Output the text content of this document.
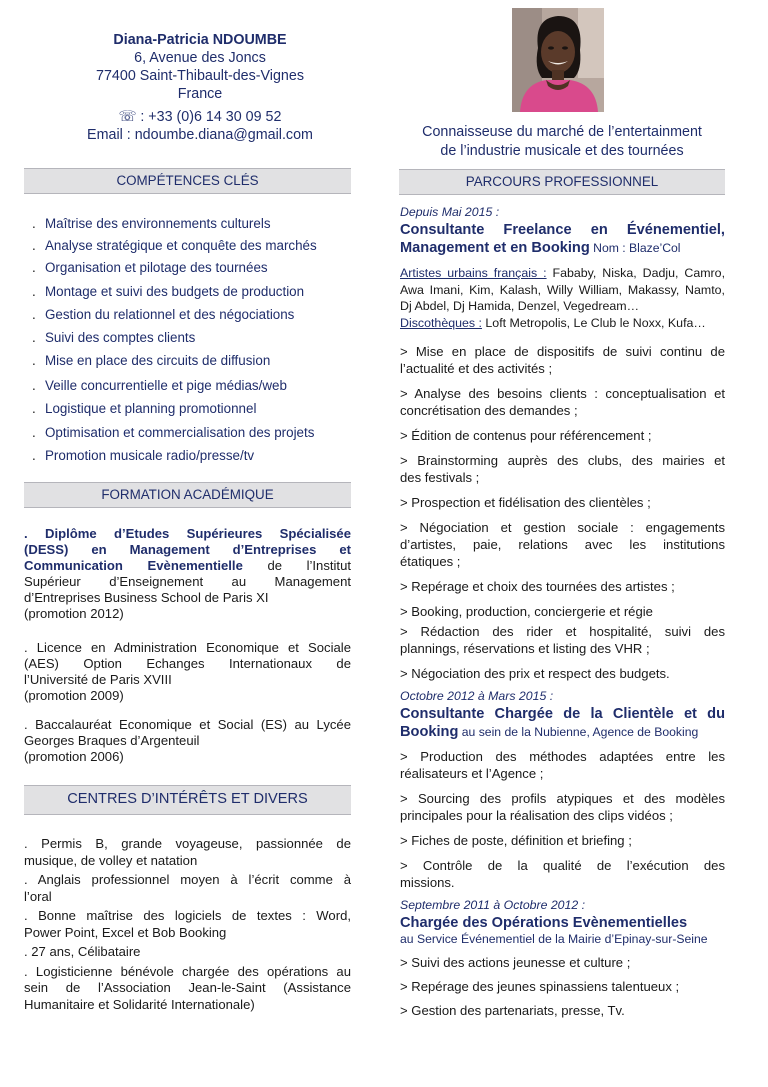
Diana-Patricia NDOUMBE
6, Avenue des Joncs
77400 Saint-Thibault-des-Vignes
France
☏ : +33 (0)6 14 30 09 52
Email : ndoumbe.diana@gmail.com	Connaisseuse du marché de l’entertainment
de l’industrie musicale et des tournées
COMPÉTENCES CLÉS
. Maîtrise des environnements culturels
. Analyse stratégique et conquête des marchés
. Organisation et pilotage des tournées
. Montage et suivi des budgets de production
. Gestion du relationnel et des négociations
. Suivi des comptes clients
. Mise en place des circuits de diffusion
. Veille concurrentielle et pige médias/web
. Logistique et planning promotionnel
. Optimisation et commercialisation des projets
. Promotion musicale radio/presse/tv
FORMATION ACADÉMIQUE
. Diplôme d’Etudes Supérieures Spécialisée
(DESS) en Management d’Entreprises et
Communication Evènementielle de l’Institut
Supérieur d’Enseignement au Management
d’Entreprises Business School de Paris XI
(promotion 2012)
. Licence en Administration Economique et Sociale
(AES) Option Echanges Internationaux de
l’Université de Paris XVIII
(promotion 2009)
. Baccalauréat Economique et Social (ES) au Lycée
Georges Braques d’Argenteuil
(promotion 2006)
CENTRES D’INTÉRÊTS ET DIVERS
. Permis B, grande voyageuse, passionnée de
musique, de volley et natation
. Anglais professionnel moyen à l’écrit comme à
l’oral
. Bonne maîtrise des logiciels de textes : Word,
Power Point, Excel et Bob Booking
. 27 ans, Célibataire
. Logisticienne bénévole chargée des opérations au
sein de l’Association Jean-le-Saint (Assistance
Humanitaire et Solidarité Internationale)
PARCOURS PROFESSIONNEL
Depuis Mai 2015 :
Consultante Freelance en Événementiel,
Management et en Booking Nom : Blaze’Col
Artistes urbains français : Fababy, Niska, Dadju, Camro,
Awa Imani, Kim, Kalash, Willy William, Makassy, Namto,
Dj Abdel, Dj Hamida, Denzel, Vegedream…
Discothèques : Loft Metropolis, Le Club le Noxx, Kufa…
> Mise en place de dispositifs de suivi continu de
l’actualité et des activités ;
> Analyse des besoins clients : conceptualisation et
concrétisation des demandes ;
> Édition de contenus pour référencement ;
> Brainstorming auprès des clubs, des mairies et
des festivals ;
> Prospection et fidélisation des clientèles ;
> Négociation et gestion sociale : engagements
d’artistes, paie, relations avec les institutions
étatiques ;
> Repérage et choix des tournées des artistes ;
> Booking, production, conciergerie et régie
> Rédaction des rider et hospitalité, suivi des
plannings, réservations et listing des VHR ;
> Négociation des prix et respect des budgets.
Octobre 2012 à Mars 2015 :
Consultante Chargée de la Clientèle et du
Booking au sein de la Nubienne, Agence de Booking
> Production des méthodes adaptées entre les
réalisateurs et l’Agence ;
> Sourcing des profils atypiques et des modèles
principales pour la réalisation des clips vidéos ;
> Fiches de poste, définition et briefing ;
> Contrôle de la qualité de l’exécution des
missions.
Septembre 2011 à Octobre 2012 :
Chargée des Opérations Evènementielles
au Service Événementiel de la Mairie d’Epinay-sur-Seine
> Suivi des actions jeunesse et culture ;
> Repérage des jeunes spinassiens talentueux ;
> Gestion des partenariats, presse, Tv.
